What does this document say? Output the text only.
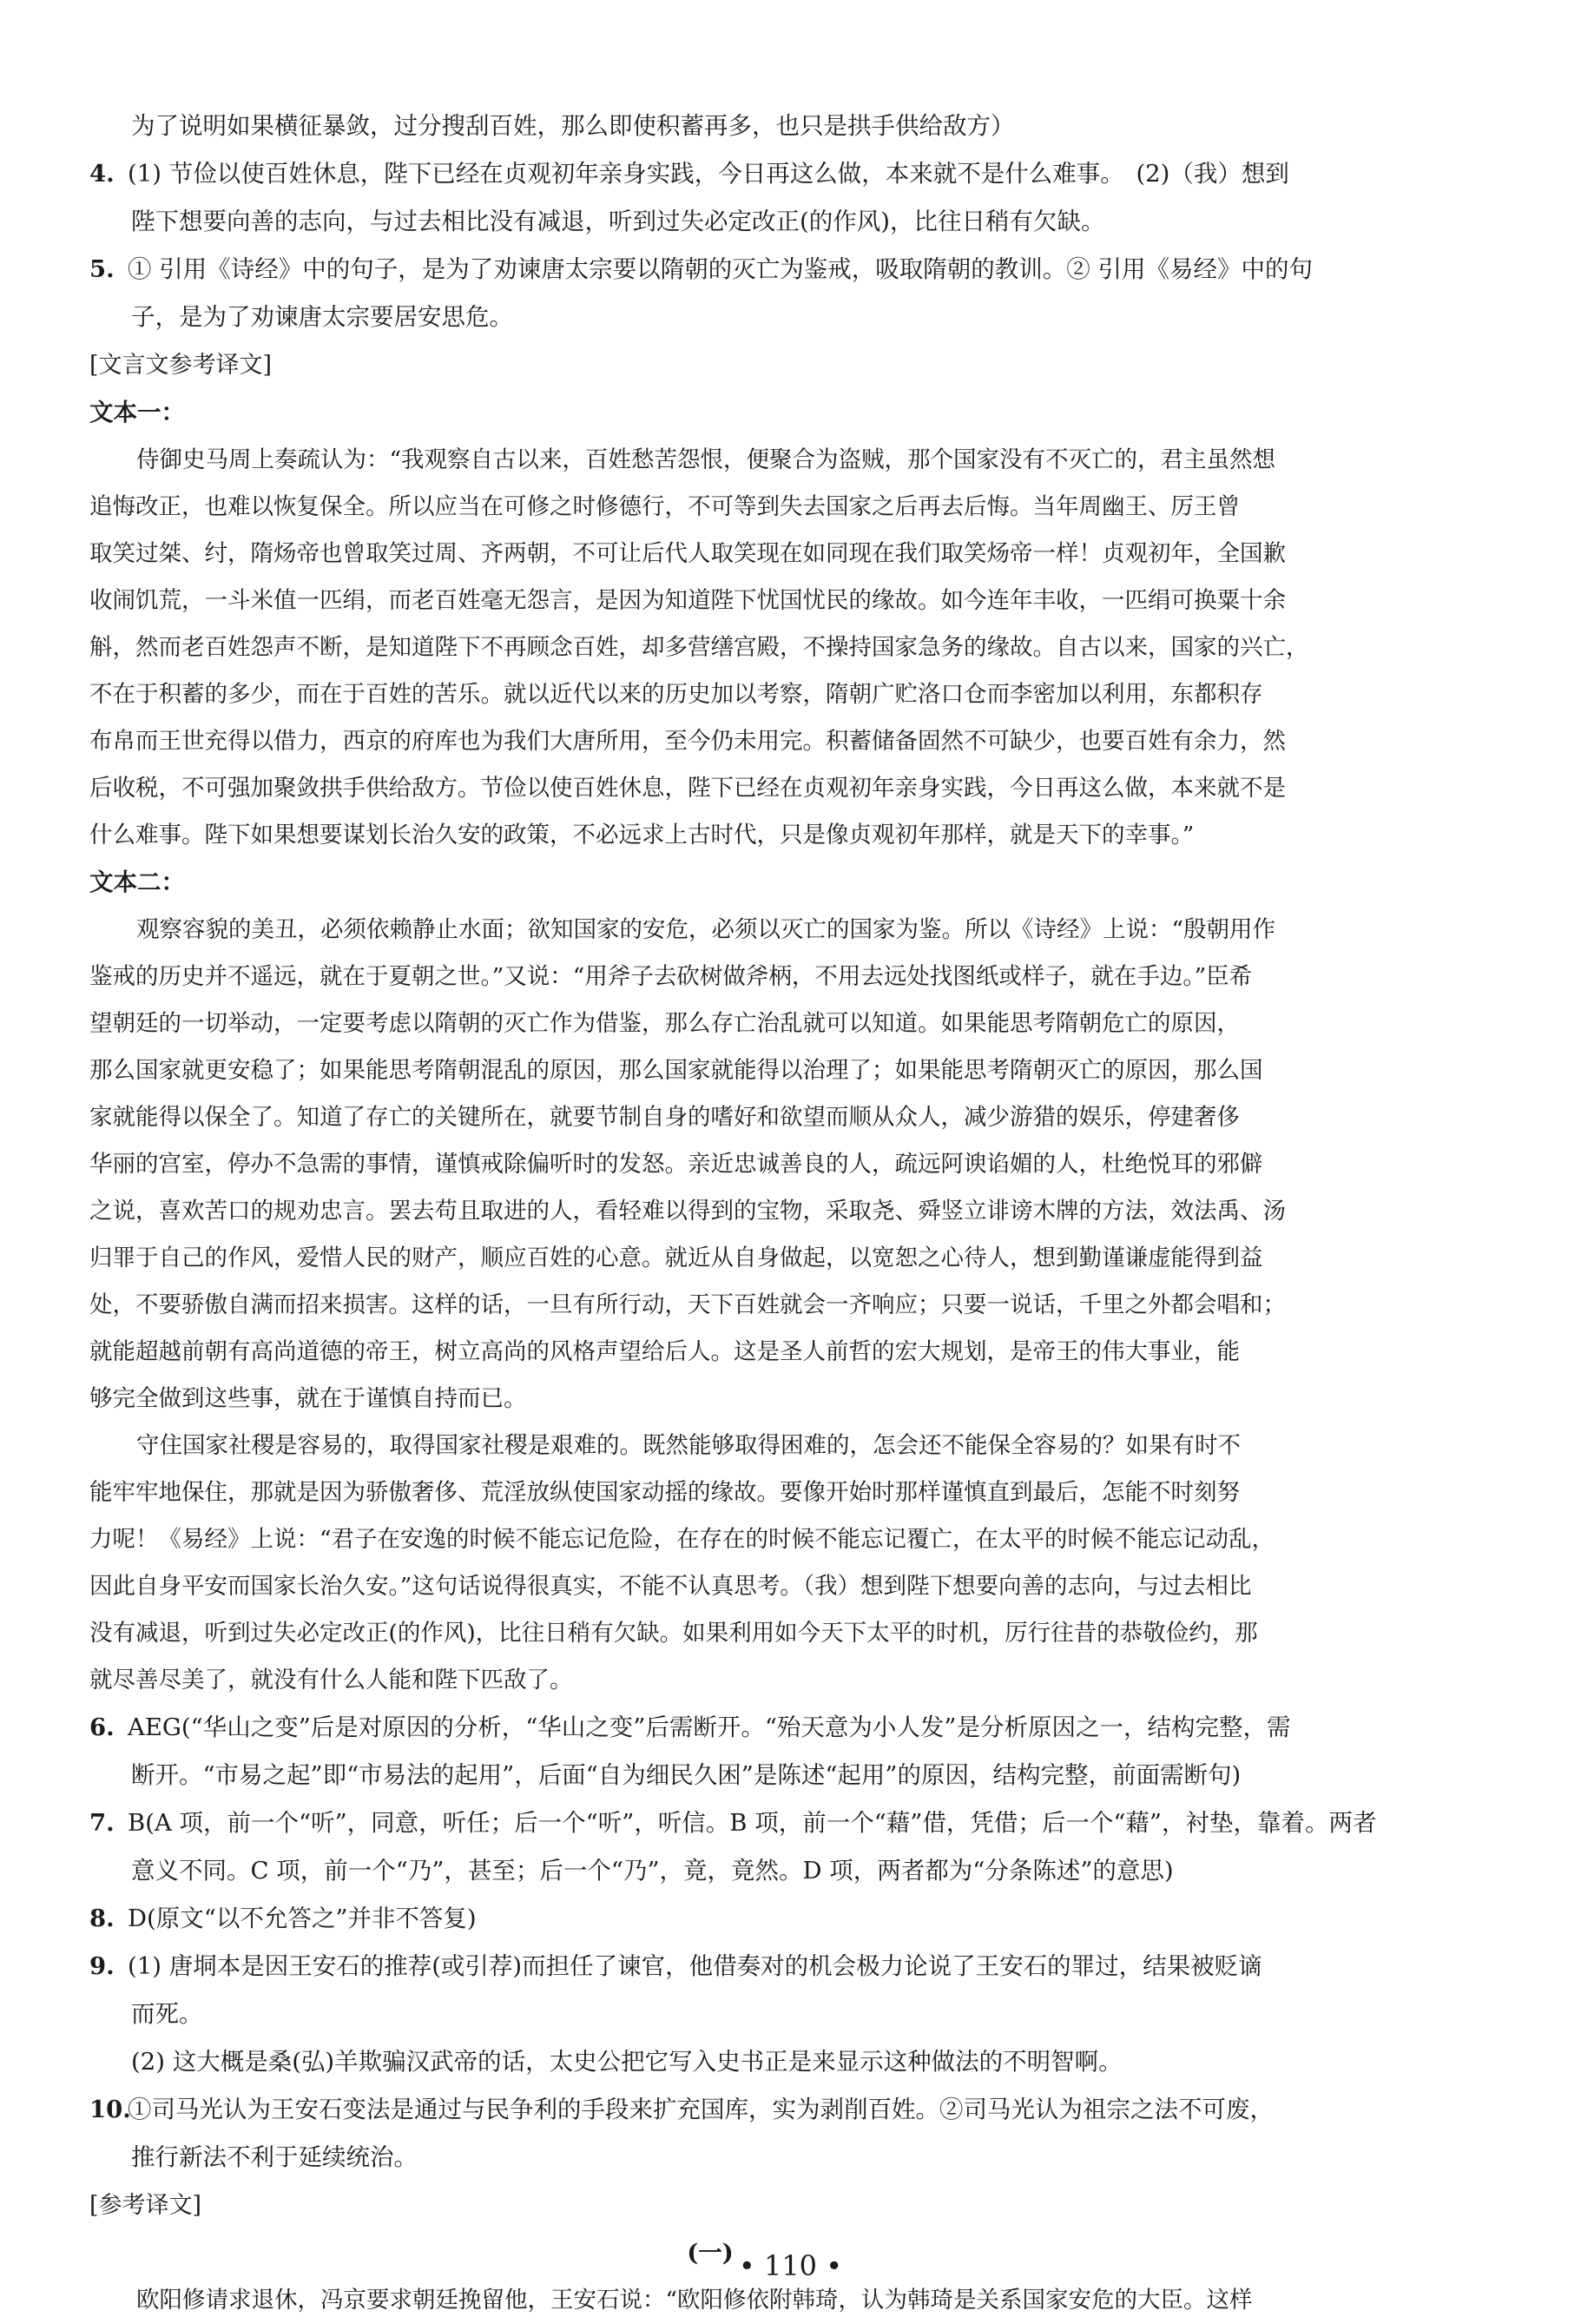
为了说明如果横征暴敛，过分搜刮百姓，那么即使积蓄再多，也只是拱手供给敌方）
4. (1) 节俭以使百姓休息，陛下已经在贞观初年亲身实践，今日再这么做，本来就不是什么难事。　(2)（我）想到
陛下想要向善的志向，与过去相比没有减退，听到过失必定改正(的作风)，比往日稍有欠缺。
5. ① 引用《诗经》中的句子，是为了劝谏唐太宗要以隋朝的灭亡为鉴戒，吸取隋朝的教训。② 引用《易经》中的句
子，是为了劝谏唐太宗要居安思危。
[文言文参考译文]
文本一：
侍御史马周上奏疏认为：“我观察自古以来，百姓愁苦怨恨，便聚合为盗贼，那个国家没有不灭亡的，君主虽然想
追悔改正，也难以恢复保全。所以应当在可修之时修德行，不可等到失去国家之后再去后悔。当年周幽王、厉王曾
取笑过桀、纣，隋炀帝也曾取笑过周、齐两朝，不可让后代人取笑现在如同现在我们取笑炀帝一样！贞观初年，全国歉
收闹饥荒，一斗米值一匹绢，而老百姓毫无怨言，是因为知道陛下忧国忧民的缘故。如今连年丰收，一匹绢可换粟十余
斛，然而老百姓怨声不断，是知道陛下不再顾念百姓，却多营缮宫殿，不操持国家急务的缘故。自古以来，国家的兴亡，
不在于积蓄的多少，而在于百姓的苦乐。就以近代以来的历史加以考察，隋朝广贮洛口仓而李密加以利用，东都积存
布帛而王世充得以借力，西京的府库也为我们大唐所用，至今仍未用完。积蓄储备固然不可缺少，也要百姓有余力，然
后收税，不可强加聚敛拱手供给敌方。节俭以使百姓休息，陛下已经在贞观初年亲身实践，今日再这么做，本来就不是
什么难事。陛下如果想要谋划长治久安的政策，不必远求上古时代，只是像贞观初年那样，就是天下的幸事。”
文本二：
观察容貌的美丑，必须依赖静止水面；欲知国家的安危，必须以灭亡的国家为鉴。所以《诗经》上说：“殷朝用作
鉴戒的历史并不遥远，就在于夏朝之世。”又说：“用斧子去砍树做斧柄，不用去远处找图纸或样子，就在手边。”臣希
望朝廷的一切举动，一定要考虑以隋朝的灭亡作为借鉴，那么存亡治乱就可以知道。如果能思考隋朝危亡的原因，
那么国家就更安稳了；如果能思考隋朝混乱的原因，那么国家就能得以治理了；如果能思考隋朝灭亡的原因，那么国
家就能得以保全了。知道了存亡的关键所在，就要节制自身的嗜好和欲望而顺从众人，减少游猎的娱乐，停建奢侈
华丽的宫室，停办不急需的事情，谨慎戒除偏听时的发怒。亲近忠诚善良的人，疏远阿谀谄媚的人，杜绝悦耳的邪僻
之说，喜欢苦口的规劝忠言。罢去苟且取进的人，看轻难以得到的宝物，采取尧、舜竖立诽谤木牌的方法，效法禹、汤
归罪于自己的作风，爱惜人民的财产，顺应百姓的心意。就近从自身做起，以宽恕之心待人，想到勤谨谦虚能得到益
处，不要骄傲自满而招来损害。这样的话，一旦有所行动，天下百姓就会一齐响应；只要一说话，千里之外都会唱和；
就能超越前朝有高尚道德的帝王，树立高尚的风格声望给后人。这是圣人前哲的宏大规划，是帝王的伟大事业，能
够完全做到这些事，就在于谨慎自持而已。
守住国家社稷是容易的，取得国家社稷是艰难的。既然能够取得困难的，怎会还不能保全容易的？如果有时不
能牢牢地保住，那就是因为骄傲奢侈、荒淫放纵使国家动摇的缘故。要像开始时那样谨慎直到最后，怎能不时刻努
力呢！《易经》上说：“君子在安逸的时候不能忘记危险，在存在的时候不能忘记覆亡，在太平的时候不能忘记动乱，
因此自身平安而国家长治久安。”这句话说得很真实，不能不认真思考。（我）想到陛下想要向善的志向，与过去相比
没有减退，听到过失必定改正(的作风)，比往日稍有欠缺。如果利用如今天下太平的时机，厉行往昔的恭敬俭约，那
就尽善尽美了，就没有什么人能和陛下匹敌了。
6. AEG(“华山之变”后是对原因的分析，“华山之变”后需断开。“殆天意为小人发”是分析原因之一，结构完整，需
断开。“市易之起”即“市易法的起用”，后面“自为细民久困”是陈述“起用”的原因，结构完整，前面需断句)
7. B(A 项，前一个“听”，同意，听任；后一个“听”，听信。B 项，前一个“藉”借，凭借；后一个“藉”，衬垫，靠着。两者
意义不同。C 项，前一个“乃”，甚至；后一个“乃”，竟，竟然。D 项，两者都为“分条陈述”的意思)
8. D(原文“以不允答之”并非不答复)
9. (1) 唐垌本是因王安石的推荐(或引荐)而担任了谏官，他借奏对的机会极力论说了王安石的罪过，结果被贬谪
而死。
(2) 这大概是桑(弘)羊欺骗汉武帝的话，太史公把它写入史书正是来显示这种做法的不明智啊。
10.①司马光认为王安石变法是通过与民争利的手段来扩充国库，实为剥削百姓。②司马光认为祖宗之法不可废，
推行新法不利于延续统治。
[参考译文]
(一)
欧阳修请求退休，冯京要求朝廷挽留他，王安石说：“欧阳修依附韩琦，认为韩琦是关系国家安危的大臣。这样
• 110 •
